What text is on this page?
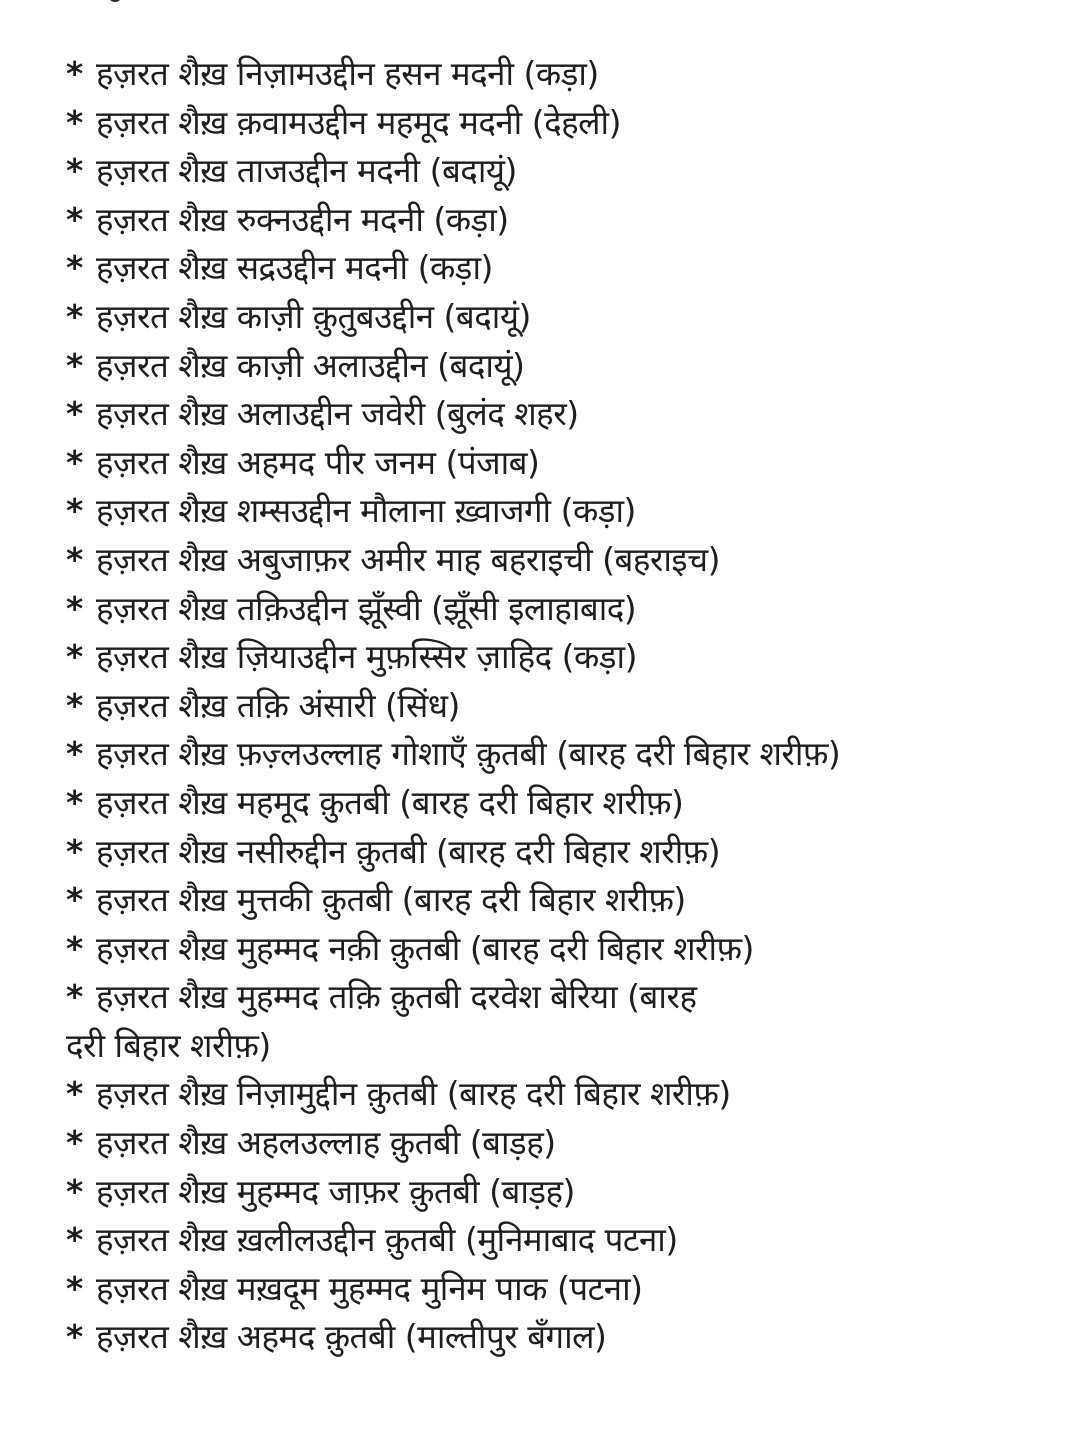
* हज़रत शैख़ निज़ामउद्दीन हसन मदनी (कड़ा)
* हज़रत शैख़ क़वामउद्दीन महमूद मदनी (देहली)
* हज़रत शैख़ ताजउद्दीन मदनी (बदायूं)
* हज़रत शैख़ रुक्नउद्दीन मदनी (कड़ा)
* हज़रत शैख़ सद्रउद्दीन मदनी (कड़ा)
* हज़रत शैख़ काज़ी क़ुतुबउद्दीन (बदायूं)
* हज़रत शैख़ काज़ी अलाउद्दीन (बदायूं)
* हज़रत शैख़ अलाउद्दीन जवेरी (बुलंद शहर)
* हज़रत शैख़ अहमद पीर जनम (पंजाब)
* हज़रत शैख़ शम्सउद्दीन मौलाना ख़्वाजगी (कड़ा)
* हज़रत शैख़ अबुजाफ़र अमीर माह बहराइची (बहराइच)
* हज़रत शैख़ तक़िउद्दीन झूँस्वी (झूँसी इलाहाबाद)
* हज़रत शैख़ ज़ियाउद्दीन मुफ़स्सिर ज़ाहिद (कड़ा)
* हज़रत शैख़ तक़ि अंसारी (सिंध)
* हज़रत शैख़ फ़ज़्लउल्लाह गोशाएँ क़ुतबी (बारह दरी बिहार शरीफ़)
* हज़रत शैख़ महमूद क़ुतबी (बारह दरी बिहार शरीफ़)
* हज़रत शैख़ नसीरुद्दीन क़ुतबी (बारह दरी बिहार शरीफ़)
* हज़रत शैख़ मुत्तकी क़ुतबी (बारह दरी बिहार शरीफ़)
* हज़रत शैख़ मुहम्मद नक़ी क़ुतबी (बारह दरी बिहार शरीफ़)
* हज़रत शैख़ मुहम्मद तक़ि क़ुतबी दरवेश बेरिया (बारह
दरी बिहार शरीफ़)
* हज़रत शैख़ निज़ामुद्दीन क़ुतबी (बारह दरी बिहार शरीफ़)
* हज़रत शैख़ अहलउल्लाह क़ुतबी (बाड़ह)
* हज़रत शैख़ मुहम्मद जाफ़र क़ुतबी (बाड़ह)
* हज़रत शैख़ ख़लीलउद्दीन क़ुतबी (मुनिमाबाद पटना)
* हज़रत शैख़ मख़दूम मुहम्मद मुनिम पाक (पटना)
* हज़रत शैख़ अहमद क़ुतबी (माल्तीपुर बँगाल)
